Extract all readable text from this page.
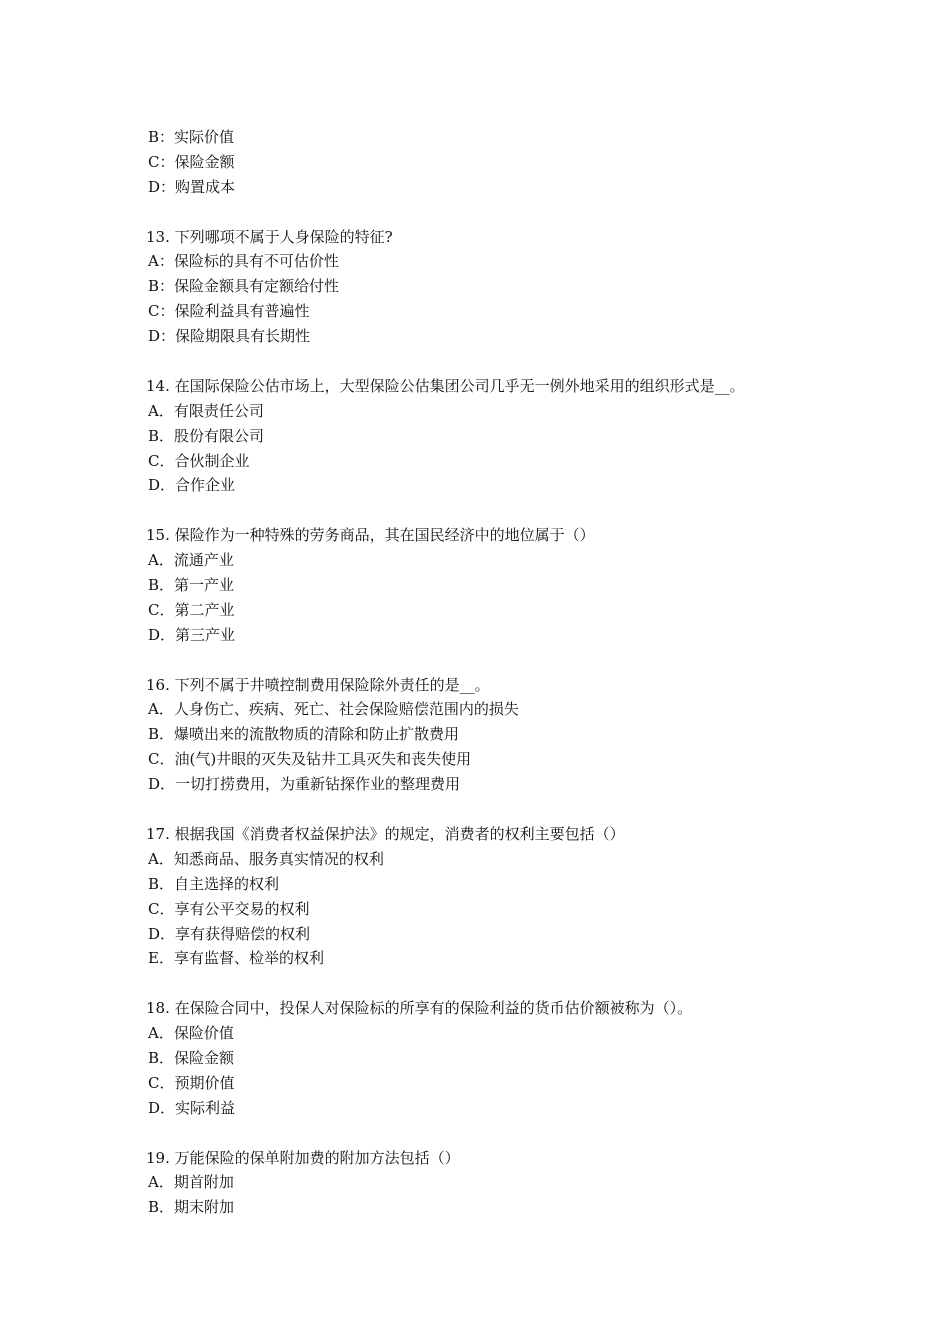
B：实际价值
C：保险金额
D：购置成本
13. 下列哪项不属于人身保险的特征?
A：保险标的具有不可估价性
B：保险金额具有定额给付性
C：保险利益具有普遍性
D：保险期限具有长期性
14. 在国际保险公估市场上，大型保险公估集团公司几乎无一例外地采用的组织形式是__。
A．有限责任公司
B．股份有限公司
C．合伙制企业
D．合作企业
15. 保险作为一种特殊的劳务商品，其在国民经济中的地位属于（）
A．流通产业
B．第一产业
C．第二产业
D．第三产业
16. 下列不属于井喷控制费用保险除外责任的是__。
A．人身伤亡、疾病、死亡、社会保险赔偿范围内的损失
B．爆喷出来的流散物质的清除和防止扩散费用
C．油(气)井眼的灭失及钻井工具灭失和丧失使用
D．一切打捞费用，为重新钻探作业的整理费用
17. 根据我国《消费者权益保护法》的规定，消费者的权利主要包括（）
A．知悉商品、服务真实情况的权利
B．自主选择的权利
C．享有公平交易的权利
D．享有获得赔偿的权利
E．享有监督、检举的权利
18. 在保险合同中，投保人对保险标的所享有的保险利益的货币估价额被称为（）。
A．保险价值
B．保险金额
C．预期价值
D．实际利益
19. 万能保险的保单附加费的附加方法包括（）
A．期首附加
B．期末附加
